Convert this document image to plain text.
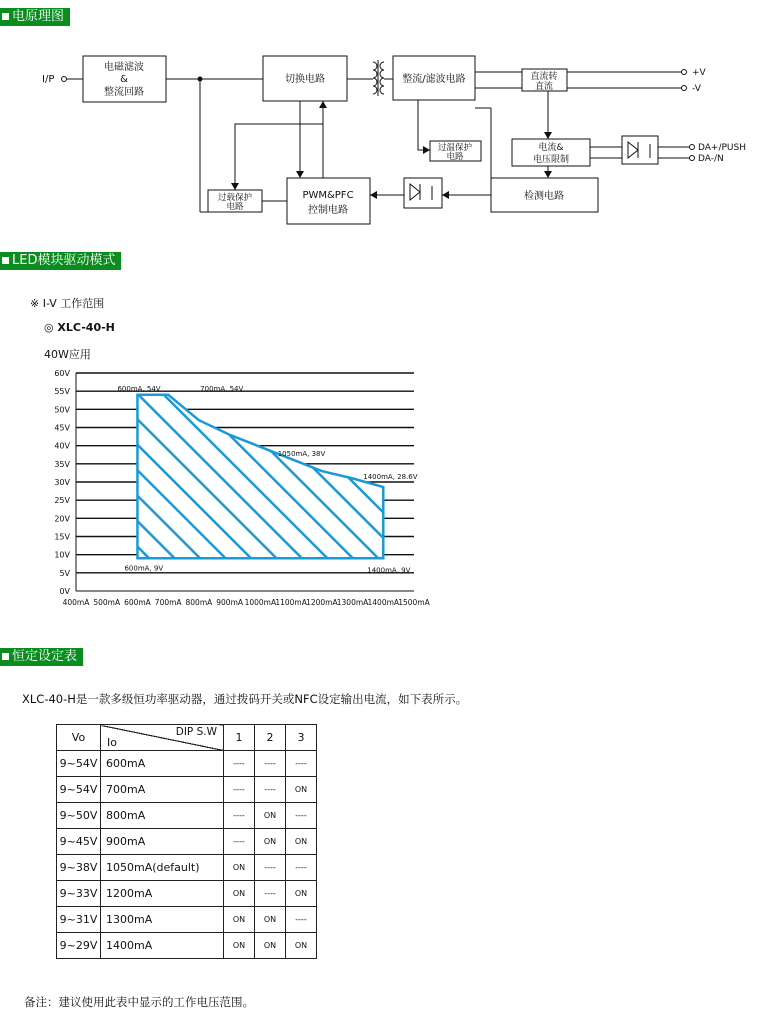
电原理图
I/P
电磁滤波
&
整流回路
切换电路	整流/滤波电路	直流转
直流
+V
-V
过温保护
电路
电流&
电压限制
DA+/PUSH
DA-/N
过载保护
电路
PWM&PFC
控制电路
检测电路
LED模块驱动模式
※ I-V 工作范围
◎ XLC-40-H
40W应用
0V
5V
10V
15V
20V
25V
30V
35V
40V
45V
50V
55V
60V
400mA 500mA 600mA 700mA 800mA 900mA 1000mA 1100mA 1200mA 1300mA 1400mA 1500mA
600mA, 54V	700mA, 54V
1050mA, 38V
1400mA, 28.6V
600mA, 9V	1400mA, 9V
恒定设定表
XLC-40-H是一款多级恒功率驱动器，通过拨码开关或NFC设定输出电流，如下表所示。
Vo	DIP S.W
Io	1	2	3
9~54V	600mA	----	----	----
9~54V	700mA	----	----	ON
9~50V	800mA	----	ON	----
9~45V	900mA	----	ON	ON
9~38V	1050mA(default)	ON	----	----
9~33V	1200mA	ON	----	ON
9~31V	1300mA	ON	ON	----
9~29V	1400mA	ON	ON	ON
备注：建议使用此表中显示的工作电压范围。
